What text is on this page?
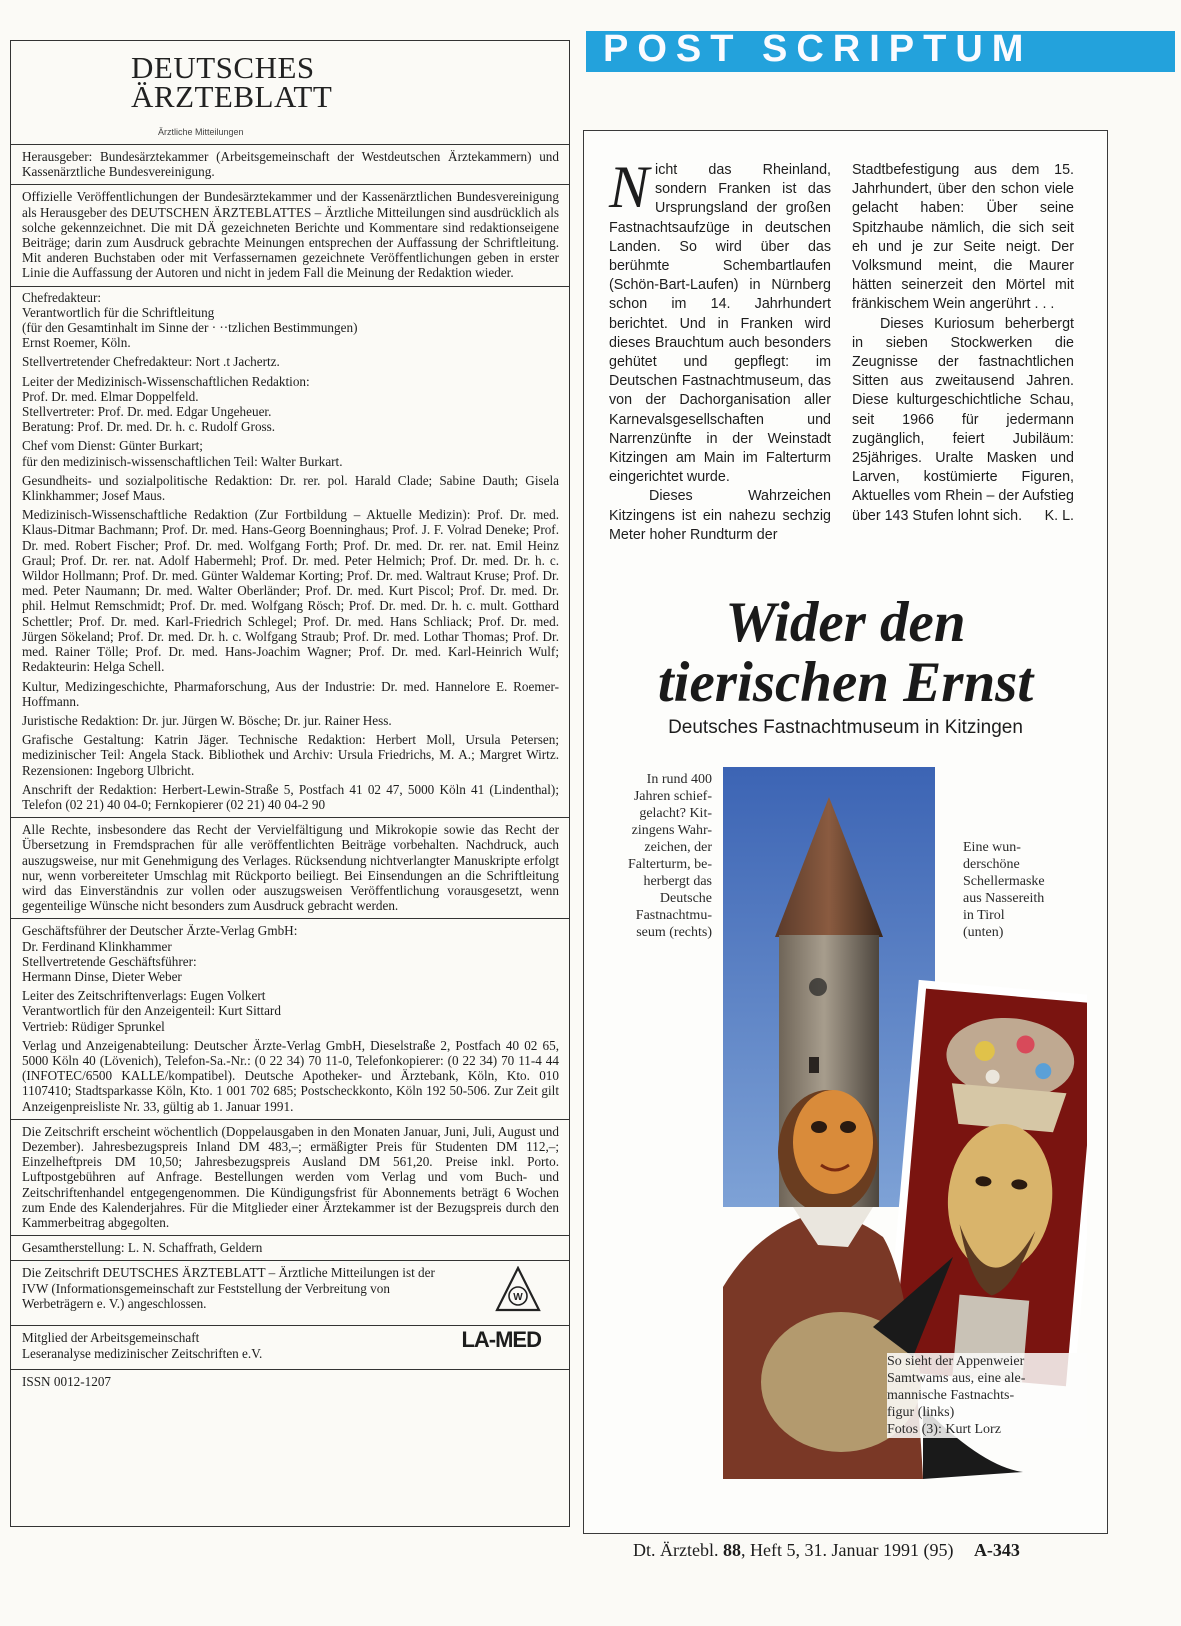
DEUTSCHES
ÄRZTEBLATT
Ärztliche Mitteilungen

Herausgeber: Bundesärztekammer (Arbeitsgemeinschaft der Westdeutschen Ärztekammern) und Kassenärztliche Bundesvereinigung.

Offizielle Veröffentlichungen der Bundesärztekammer und der Kassenärztlichen Bundesvereinigung als Herausgeber des DEUTSCHEN ÄRZTEBLATTES – Ärztliche Mitteilungen sind ausdrücklich als solche gekennzeichnet. Die mit DÄ gezeichneten Berichte und Kommentare sind redaktionseigene Beiträge; darin zum Ausdruck gebrachte Meinungen entsprechen der Auffassung der Schriftleitung. Mit anderen Buchstaben oder mit Verfassernamen gezeichnete Veröffentlichungen geben in erster Linie die Auffassung der Autoren und nicht in jedem Fall die Meinung der Redaktion wieder.

Chefredakteur:

Verantwortlich für die Schriftleitung

(für den Gesamtinhalt im Sinne der · ··tzlichen Bestimmungen)

Ernst Roemer, Köln.

Stellvertretender Chefredakteur: Nort .t Jachertz.

Leiter der Medizinisch-Wissenschaftlichen Redaktion:

Prof. Dr. med. Elmar Doppelfeld.

Stellvertreter: Prof. Dr. med. Edgar Ungeheuer.

Beratung: Prof. Dr. med. Dr. h. c. Rudolf Gross.

Chef vom Dienst: Günter Burkart;

für den medizinisch-wissenschaftlichen Teil: Walter Burkart.

Gesundheits- und sozialpolitische Redaktion: Dr. rer. pol. Harald Clade; Sabine Dauth; Gisela Klinkhammer; Josef Maus.

Medizinisch-Wissenschaftliche Redaktion (Zur Fortbildung – Aktuelle Medizin): Prof. Dr. med. Klaus-Ditmar Bachmann; Prof. Dr. med. Hans-Georg Boenninghaus; Prof. J. F. Volrad Deneke; Prof. Dr. med. Robert Fischer; Prof. Dr. med. Wolfgang Forth; Prof. Dr. med. Dr. rer. nat. Emil Heinz Graul; Prof. Dr. rer. nat. Adolf Habermehl; Prof. Dr. med. Peter Helmich; Prof. Dr. med. Dr. h. c. Wildor Hollmann; Prof. Dr. med. Günter Waldemar Korting; Prof. Dr. med. Waltraut Kruse; Prof. Dr. med. Peter Naumann; Dr. med. Walter Oberländer; Prof. Dr. med. Kurt Piscol; Prof. Dr. med. Dr. phil. Helmut Remschmidt; Prof. Dr. med. Wolfgang Rösch; Prof. Dr. med. Dr. h. c. mult. Gotthard Schettler; Prof. Dr. med. Karl-Friedrich Schlegel; Prof. Dr. med. Hans Schliack; Prof. Dr. med. Jürgen Sökeland; Prof. Dr. med. Dr. h. c. Wolfgang Straub; Prof. Dr. med. Lothar Thomas; Prof. Dr. med. Rainer Tölle; Prof. Dr. med. Hans-Joachim Wagner; Prof. Dr. med. Karl-Heinrich Wulf; Redakteurin: Helga Schell.

Kultur, Medizingeschichte, Pharmaforschung, Aus der Industrie: Dr. med. Hannelore E. Roemer-Hoffmann.

Juristische Redaktion: Dr. jur. Jürgen W. Bösche; Dr. jur. Rainer Hess.

Grafische Gestaltung: Katrin Jäger. Technische Redaktion: Herbert Moll, Ursula Petersen; medizinischer Teil: Angela Stack. Bibliothek und Archiv: Ursula Friedrichs, M. A.; Margret Wirtz. Rezensionen: Ingeborg Ulbricht.

Anschrift der Redaktion: Herbert-Lewin-Straße 5, Postfach 41 02 47, 5000 Köln 41 (Lindenthal); Telefon (02 21) 40 04-0; Fernkopierer (02 21) 40 04-2 90

Alle Rechte, insbesondere das Recht der Vervielfältigung und Mikrokopie sowie das Recht der Übersetzung in Fremdsprachen für alle veröffentlichten Beiträge vorbehalten. Nachdruck, auch auszugsweise, nur mit Genehmigung des Verlages. Rücksendung nichtverlangter Manuskripte erfolgt nur, wenn vorbereiteter Umschlag mit Rückporto beiliegt. Bei Einsendungen an die Schriftleitung wird das Einverständnis zur vollen oder auszugsweisen Veröffentlichung vorausgesetzt, wenn gegenteilige Wünsche nicht besonders zum Ausdruck gebracht werden.

Geschäftsführer der Deutscher Ärzte-Verlag GmbH:

Dr. Ferdinand Klinkhammer

Stellvertretende Geschäftsführer:

Hermann Dinse, Dieter Weber

Leiter des Zeitschriftenverlags: Eugen Volkert

Verantwortlich für den Anzeigenteil: Kurt Sittard

Vertrieb: Rüdiger Sprunkel

Verlag und Anzeigenabteilung: Deutscher Ärzte-Verlag GmbH, Dieselstraße 2, Postfach 40 02 65, 5000 Köln 40 (Lövenich), Telefon-Sa.-Nr.: (0 22 34) 70 11-0, Telefonkopierer: (0 22 34) 70 11-4 44 (INFOTEC/6500 KALLE/kompatibel). Deutsche Apotheker- und Ärztebank, Köln, Kto. 010 1107410; Stadtsparkasse Köln, Kto. 1 001 702 685; Postscheckkonto, Köln 192 50-506. Zur Zeit gilt Anzeigenpreisliste Nr. 33, gültig ab 1. Januar 1991.

Die Zeitschrift erscheint wöchentlich (Doppelausgaben in den Monaten Januar, Juni, Juli, August und Dezember). Jahresbezugspreis Inland DM 483,–; ermäßigter Preis für Studenten DM 112,–; Einzelheftpreis DM 10,50; Jahresbezugspreis Ausland DM 561,20. Preise inkl. Porto. Luftpostgebühren auf Anfrage. Bestellungen werden vom Verlag und vom Buch- und Zeitschriftenhandel entgegengenommen. Die Kündigungsfrist für Abonnements beträgt 6 Wochen zum Ende des Kalenderjahres. Für die Mitglieder einer Ärztekammer ist der Bezugspreis durch den Kammerbeitrag abgegolten.

Gesamtherstellung: L. N. Schaffrath, Geldern

Die Zeitschrift DEUTSCHES ÄRZTEBLATT – Ärztliche Mitteilungen ist der IVW (Informationsgemeinschaft zur Feststellung der Verbreitung von Werbeträgern e. V.) angeschlossen.	W

Mitglied der Arbeitsgemeinschaft

Leseranalyse medizinischer Zeitschriften e.V.

LA-MED

ISSN 0012-1207

POST SCRIPTUM

Nicht das Rheinland, sondern Franken ist das Ursprungsland der großen Fastnachtsaufzüge in deutschen Landen. So wird über das berühmte Schembartlaufen (Schön-Bart-Laufen) in Nürnberg schon im 14. Jahrhundert berichtet. Und in Franken wird dieses Brauchtum auch besonders gehütet und gepflegt: im Deutschen Fastnachtmuseum, das von der Dachorganisation aller Karnevalsgesellschaften und Narrenzünfte in der Weinstadt Kitzingen am Main im Falterturm eingerichtet wurde.

Dieses Wahrzeichen Kitzingens ist ein nahezu sechzig Meter hoher Rundturm der

Stadtbefestigung aus dem 15. Jahrhundert, über den schon viele gelacht haben: Über seine Spitzhaube nämlich, die sich seit eh und je zur Seite neigt. Der Volksmund meint, die Maurer hätten seinerzeit den Mörtel mit fränkischem Wein angerührt . . .

Dieses Kuriosum beherbergt in sieben Stockwerken die Zeugnisse der fastnachtlichen Sitten aus zweitausend Jahren. Diese kulturgeschichtliche Schau, seit 1966 für jedermann zugänglich, feiert Jubiläum: 25jähriges. Uralte Masken und Larven, kostümierte Figuren, Aktuelles vom Rhein – der Aufstieg über 143 Stufen lohnt sich.	K. L.

Wider den
tierischen Ernst
Deutsches Fastnachtmuseum in Kitzingen
In rund 400
Jahren schief-
gelacht? Kit-
zingens Wahr-
zeichen, der
Falterturm, be-
herbergt das
Deutsche
Fastnachtmu-
seum (rechts)
Eine wun-
derschöne
Schellermaske
aus Nassereith
in Tirol
(unten)
So sieht der Appenweier
Samtwams aus, eine ale-
mannische Fastnachts-
figur (links)
Fotos (3): Kurt Lorz
Dt. Ärztebl. 88, Heft 5, 31. Januar 1991 (95) A-343
